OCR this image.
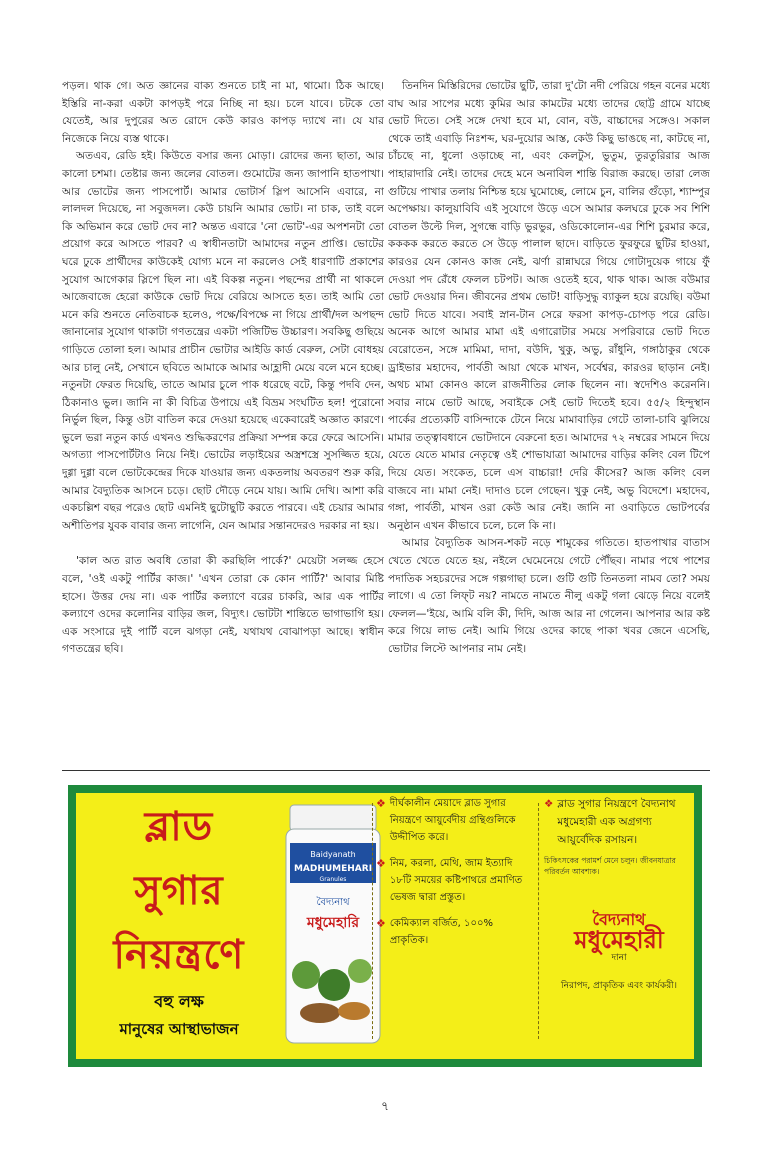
পড়ল। থাক গে। অত জ্ঞানের বাক্য শুনতে চাই না মা, থামো। ঠিক আছে। ইস্তিরি না-করা একটা কাপড়ই পরে নিচ্ছি না হয়। চলে যাবে। চটকে তো যেতেই, আর দুপুরের অত রোদে কেউ কারও কাপড় দ্যাখে না। যে যার নিজেকে নিয়ে ব্যস্ত থাকে।

অতএব, রেডি হই। কিউতে বসার জন্য মোড়া। রোদের জন্য ছাতা, আর কালো চশমা। তেষ্টার জন্য জলের বোতল। গুমোটের জন্য জাপানি হাতপাখা। আর ভোটের জন্য পাসপোর্ট। আমার ভোটার্স স্লিপ আসেনি এবারে, না লালদল দিয়েছে, না সবুজদল। কেউ চায়নি আমার ভোট। না চাক, তাই বলে কি অভিমান করে ভোট দেব না? অন্তত এবারে 'নো ভোট'-এর অপশনটা তো প্রয়োগ করে আসতে পারব? এ স্বাধীনতাটা আমাদের নতুন প্রাপ্তি। ভোটের ঘরে ঢুকে প্রার্থীদের কাউকেই যোগ্য মনে না করলেও সেই ধারণাটি প্রকাশের সুযোগ আগেকার স্লিপে ছিল না। এই বিকল্প নতুন। পছন্দের প্রার্থী না থাকলে আজেবাজে হেরো কাউকে ভোট দিয়ে বেরিয়ে আসতে হত। তাই আমি তো মনে করি শুনতে নেতিবাচক হলেও, পক্ষে/বিপক্ষে না গিয়ে প্রার্থী/দল অপছন্দ জানানোর সুযোগ থাকাটা গণতন্ত্রের একটা পজিটিভ উচ্চারণ। সবকিছু গুছিয়ে গাড়িতে তোলা হল। আমার প্রাচীন ভোটার আইডি কার্ড বেরুল, সেটা বোধহয় আর চালু নেই, সেখানে ছবিতে আমাকে আমার আহ্লাদী মেয়ে বলে মনে হচ্ছে। নতুনটা ফেরত দিয়েছি, তাতে আমার চুলে পাক ধরেছে বটে, কিন্তু পদবি দেন, ঠিকানাও ভুল। জানি না কী বিচিত্র উপায়ে এই বিভ্রম সংঘটিত হল! পুরোনো নির্ভুল ছিল, কিন্তু ওটা বাতিল করে দেওয়া হয়েছে একেবারেই অজ্ঞাত কারণে। ভুলে ভরা নতুন কার্ড এখনও শুদ্ধিকরণের প্রক্রিয়া সম্পন্ন করে ফেরে আসেনি। অগত্যা পাসপোর্টটাও নিয়ে নিই। ভোটের লড়াইয়ের অস্ত্রশস্ত্রে সুসজ্জিত হয়ে, দুগ্গা দুগ্গা বলে ভোটকেন্দ্রের দিকে যাওয়ার জন্য একতলায় অবতরণ শুরু করি, আমার বৈদ্যুতিক আসনে চড়ে। ছোট দৌড়ে নেমে যায়। আমি দেখি। আশা করি একচল্লিশ বছর পরেও ছোট এমনিই ছুটোছুটি করতে পারবে। এই চেয়ার আমার অশীতিপর যুবক বাবার জন্য লাগেনি, যেন আমার সন্তানদেরও দরকার না হয়।

'কাল অত রাত অবধি তোরা কী করছিলি পার্কে?' মেয়েটা সলজ্জ হেসে বলে, 'ওই একটু পার্টির কাজ।' 'এখন তোরা কে কোন পার্টি?' আবার মিষ্টি হাসে। উত্তর দেয় না। এক পার্টির কল্যাণে বরের চাকরি, আর এক পার্টির কল্যাণে ওদের কলোনির বাড়ির জল, বিদ্যুৎ। ভোটটা শান্তিতে ভাগাভাগি হয়। এক সংসারে দুই পার্টি বলে ঝগড়া নেই, যথাযথ বোঝাপড়া আছে। স্বাধীন গণতন্ত্রের ছবি।

তিনদিন মিস্তিরিদের ভোটের ছুটি, তারা দু'টো নদী পেরিয়ে গহন বনের মধ্যে বাঘ আর সাপের মধ্যে কুমির আর কামটের মধ্যে তাদের ছোট্ট গ্রামে যাচ্ছে ভোট দিতে। সেই সঙ্গে দেখা হবে মা, বোন, বউ, বাচ্চাদের সঙ্গেও। সকাল থেকে তাই এবাড়ি নিঃশব্দ, ঘর-দুয়োর আস্ত, কেউ কিছু ভাঙছে না, কাটছে না, চাঁচছে না, ধুলো ওড়াচ্ছে না, এবং কেলটুস, ভুতুম, তুরতুরিরার আজ পাহারাদারি নেই। তাদের দেহে মনে অনাবিল শান্তি বিরাজ করছে। তারা লেজ গুটিয়ে পাখার তলায় নিশ্চিন্ত হয়ে ঘুমোচ্ছে, লোমে চুন, বালির গুঁড়ো, শ্যাম্পুর অপেক্ষায়। কালুয়াবিবি এই সুযোগে উড়ে এসে আমার কলঘরে ঢুকে সব শিশি বোতল উল্টে দিল, সুগন্ধে বাড়ি ভুরভুর, ওডিকোলোন-এর শিশি চুরমার করে, কককক করতে করতে সে উড়ে পালাল ছাদে। বাড়িতে ফুরফুরে ছুটির হাওয়া, কারওর যেন কোনও কাজ নেই, ঝর্ণা রান্নাঘরে গিয়ে গোটাদুয়েক গায়ে ফুঁ দেওয়া পদ রেঁধে ফেলল চটপট। আজ ওতেই হবে, থাক থাক। আজ বউমার ভোট দেওয়ার দিন। জীবনের প্রথম ভোট! বাড়িসুদ্ধু ব্যাকুল হয়ে রয়েছি। বউমা ভোট দিতে যাবে। সবাই স্নান-টান সেরে ফরসা কাপড়-চোপড় পরে রেডি। অনেক আগে আমার মামা এই এগারোটার সময়ে সপরিবারে ভোট দিতে বেরোতেন, সঙ্গে মামিমা, দাদা, বউদি, খুকু, অভু, রাঁধুনি, গঙ্গাঠাকুর থেকে ড্রাইভার মহাদেব, পার্বতী আয়া থেকে মাখন, সর্বেশ্বর, কারওর ছাড়ান নেই। অথচ মামা কোনও কালে রাজনীতির লোক ছিলেন না। স্বদেশিও করেননি। সবার নামে ভোট আছে, সবাইকে সেই ভোট দিতেই হবে। ৫৫/২ হিন্দুস্থান পার্কের প্রত্যেকটি বাসিন্দাকে টেনে নিয়ে মামাবাড়ির গেটে তালা-চাবি ঝুলিয়ে মামার তত্ত্বাবধানে ভোটদানে বেরুনো হত। আমাদের ৭২ নম্বরের সামনে দিয়ে যেতে যেতে মামার নেতৃত্বে ওই শোভাযাত্রা আমাদের বাড়ির কলিং বেল টিপে দিয়ে যেত। সংকেত, চলে এস বাচ্চারা! দেরি কীসের? আজ কলিং বেল বাজবে না। মামা নেই। দাদাও চলে গেছেন। খুকু নেই, অভু বিদেশে। মহাদেব, গঙ্গা, পার্বতী, মাখন ওরা কেউ আর নেই। জানি না ওবাড়িতে ভোটপর্বের অনুষ্ঠান এখন কীভাবে চলে, চলে কি না।

আমার বৈদ্যুতিক আসন-শকট নড়ে শামুকের গতিতে। হাতপাখার বাতাস খেতে খেতে যেতে হয়, নইলে ঘেমেনেয়ে গেটে পৌঁছব। নামার পথে পাশের পদাতিক সহচরদের সঙ্গে গল্পগাছা চলে। গুটি গুটি তিনতলা নামব তো? সময় লাগে। এ তো লিফ্‌ট নয়? নামতে নামতে নীলু একটু গলা ঝেড়ে নিয়ে বলেই ফেলল—'ইয়ে, আমি বলি কী, দিদি, আজ আর না গেলেন। আপনার আর কষ্ট করে গিয়ে লাভ নেই। আমি গিয়ে ওদের কাছে পাকা খবর জেনে এসেছি, ভোটার লিস্টে আপনার নাম নেই।

ব্লাড
সুগার
নিয়ন্ত্রণে
বহু লক্ষ
মানুষের আস্থাভাজন
Baidyanath
MADHUMEHARI
Granules
বৈদ্যনাথ
মধুমেহারি
❖ দীর্ঘকালীন মেয়াদে ব্লাড সুগার নিয়ন্ত্রণে আয়ুর্বেদীয় গ্রন্থিগুলিকে উদ্দীপিত করে।
❖ নিম, করলা, মেথি, জাম ইত্যাদি ১৮টি সময়ের কষ্টিপাথরে প্রমাণিত ভেষজ দ্বারা প্রস্তুত।
❖ কেমিক্যাল বর্জিত, ১০০% প্রাকৃতিক।
❖ ব্লাড সুগার নিয়ন্ত্রণে বৈদ্যনাথ মধুমেহারী এক অগ্রগণ্য আয়ুর্বেদিক রসায়ন।
চিকিৎসকের পরামর্শ মেনে চলুন। জীবনযাত্রার পরিবর্তন আবশ্যক।
বৈদ্যনাথ
মধুমেহারী
দানা
নিরাপদ, প্রাকৃতিক এবং কার্যকরী।
৭
